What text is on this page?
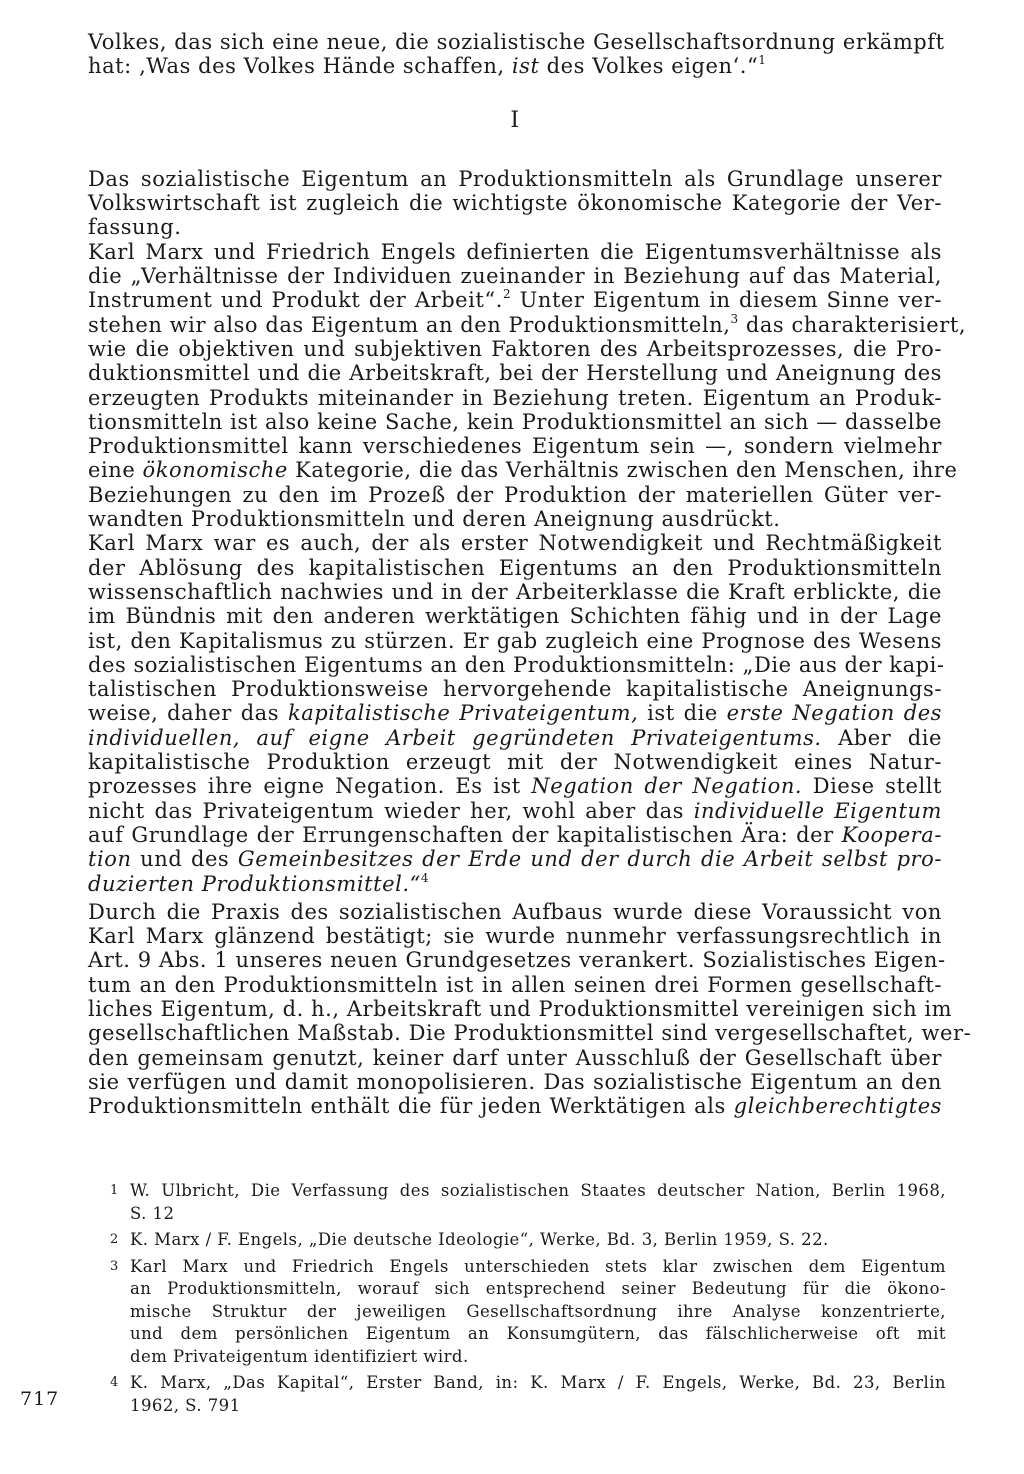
Volkes, das sich eine neue, die sozialistische Gesellschaftsordnung erkämpft
hat: ‚Was des Volkes Hände schaffen, ist des Volkes eigen‘.“$^1$
I
Das sozialistische Eigentum an Produktionsmitteln als Grundlage unserer
Volkswirtschaft ist zugleich die wichtigste ökonomische Kategorie der Ver-
fassung.
Karl Marx und Friedrich Engels definierten die Eigentumsverhältnisse als
die „Verhältnisse der Individuen zueinander in Beziehung auf das Material,
Instrument und Produkt der Arbeit“.$^2$ Unter Eigentum in diesem Sinne ver-
stehen wir also das Eigentum an den Produktionsmitteln,$^3$ das charakterisiert,
wie die objektiven und subjektiven Faktoren des Arbeitsprozesses, die Pro-
duktionsmittel und die Arbeitskraft, bei der Herstellung und Aneignung des
erzeugten Produkts miteinander in Beziehung treten. Eigentum an Produk-
tionsmitteln ist also keine Sache, kein Produktionsmittel an sich — dasselbe
Produktionsmittel kann verschiedenes Eigentum sein —, sondern vielmehr
eine ökonomische Kategorie, die das Verhältnis zwischen den Menschen, ihre
Beziehungen zu den im Prozeß der Produktion der materiellen Güter ver-
wandten Produktionsmitteln und deren Aneignung ausdrückt.
Karl Marx war es auch, der als erster Notwendigkeit und Rechtmäßigkeit
der Ablösung des kapitalistischen Eigentums an den Produktionsmitteln
wissenschaftlich nachwies und in der Arbeiterklasse die Kraft erblickte, die
im Bündnis mit den anderen werktätigen Schichten fähig und in der Lage
ist, den Kapitalismus zu stürzen. Er gab zugleich eine Prognose des Wesens
des sozialistischen Eigentums an den Produktionsmitteln: „Die aus der kapi-
talistischen Produktionsweise hervorgehende kapitalistische Aneignungs-
weise, daher das kapitalistische Privateigentum, ist die erste Negation des
individuellen, auf eigne Arbeit gegründeten Privateigentums. Aber die
kapitalistische Produktion erzeugt mit der Notwendigkeit eines Natur-
prozesses ihre eigne Negation. Es ist Negation der Negation. Diese stellt
nicht das Privateigentum wieder her, wohl aber das individuelle Eigentum
auf Grundlage der Errungenschaften der kapitalistischen Ära: der Koopera-
tion und des Gemeinbesitzes der Erde und der durch die Arbeit selbst pro-
duzierten Produktionsmittel.“$^4$
Durch die Praxis des sozialistischen Aufbaus wurde diese Voraussicht von
Karl Marx glänzend bestätigt; sie wurde nunmehr verfassungsrechtlich in
Art. 9 Abs. 1 unseres neuen Grundgesetzes verankert. Sozialistisches Eigen-
tum an den Produktionsmitteln ist in allen seinen drei Formen gesellschaft-
liches Eigentum, d. h., Arbeitskraft und Produktionsmittel vereinigen sich im
gesellschaftlichen Maßstab. Die Produktionsmittel sind vergesellschaftet, wer-
den gemeinsam genutzt, keiner darf unter Ausschluß der Gesellschaft über
sie verfügen und damit monopolisieren. Das sozialistische Eigentum an den
Produktionsmitteln enthält die für jeden Werktätigen als gleichberechtigtes
1 W. Ulbricht, Die Verfassung des sozialistischen Staates deutscher Nation, Berlin 1968,
S. 12
2 K. Marx / F. Engels, „Die deutsche Ideologie“, Werke, Bd. 3, Berlin 1959, S. 22.
3 Karl Marx und Friedrich Engels unterschieden stets klar zwischen dem Eigentum
an Produktionsmitteln, worauf sich entsprechend seiner Bedeutung für die ökono-
mische Struktur der jeweiligen Gesellschaftsordnung ihre Analyse konzentrierte,
und dem persönlichen Eigentum an Konsumgütern, das fälschlicherweise oft mit
dem Privateigentum identifiziert wird.
4 K. Marx, „Das Kapital“, Erster Band, in: K. Marx / F. Engels, Werke, Bd. 23, Berlin
1962, S. 791
717
